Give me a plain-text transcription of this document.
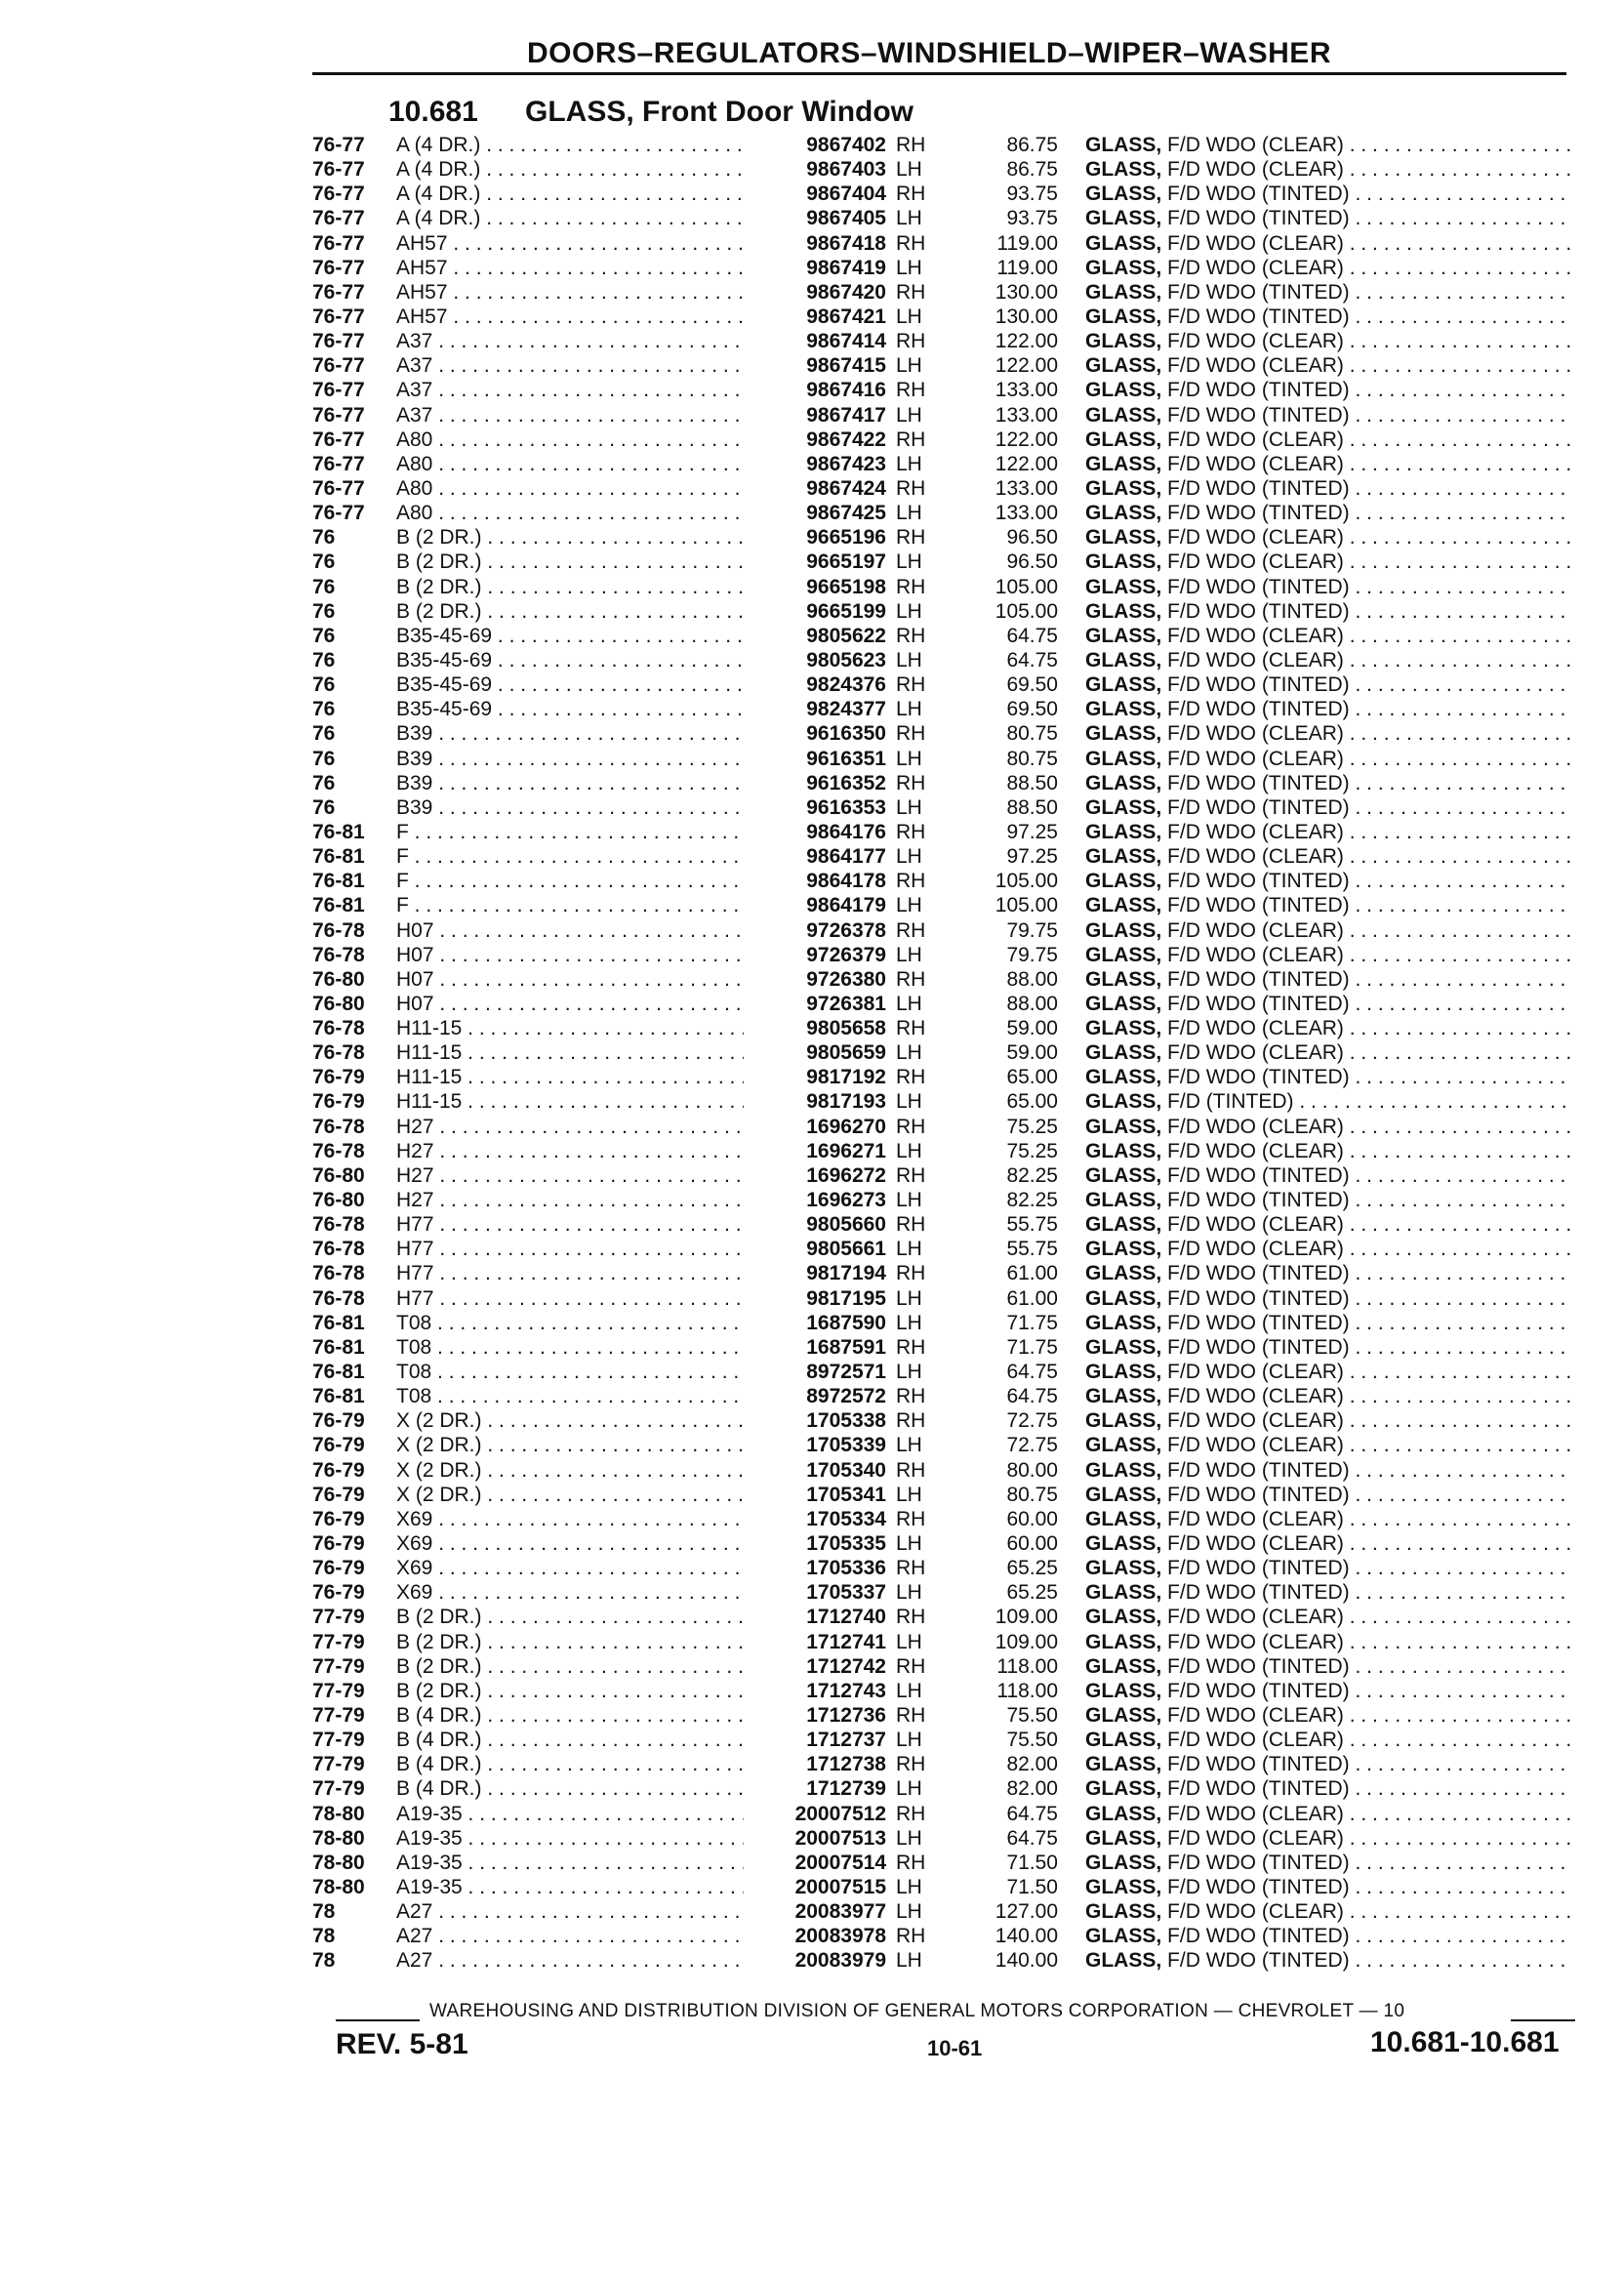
DOORS–REGULATORS–WINDSHIELD–WIPER–WASHER
10.681 GLASS, Front Door Window
76-77 A (4 DR.) . . .	9867402 RH	86.75 GLASS, F/D WDO (CLEAR) . . .
76-77 A (4 DR.) . . .	9867403 LH	86.75 GLASS, F/D WDO (CLEAR) . . .
76-77 A (4 DR.) . . .	9867404 RH	93.75 GLASS, F/D WDO (TINTED) . . .
76-77 A (4 DR.) . . .	9867405 LH	93.75 GLASS, F/D WDO (TINTED) . . .
76-77 AH57 . . .	9867418 RH	119.00 GLASS, F/D WDO (CLEAR) . . .
76-77 AH57 . . .	9867419 LH	119.00 GLASS, F/D WDO (CLEAR) . . .
76-77 AH57 . . .	9867420 RH	130.00 GLASS, F/D WDO (TINTED) . . .
76-77 AH57 . . .	9867421 LH	130.00 GLASS, F/D WDO (TINTED) . . .
76-77 A37 . . .	9867414 RH	122.00 GLASS, F/D WDO (CLEAR) . . .
76-77 A37 . . .	9867415 LH	122.00 GLASS, F/D WDO (CLEAR) . . .
76-77 A37 . . .	9867416 RH	133.00 GLASS, F/D WDO (TINTED) . . .
76-77 A37 . . .	9867417 LH	133.00 GLASS, F/D WDO (TINTED) . . .
76-77 A80 . . .	9867422 RH	122.00 GLASS, F/D WDO (CLEAR) . . .
76-77 A80 . . .	9867423 LH	122.00 GLASS, F/D WDO (CLEAR) . . .
76-77 A80 . . .	9867424 RH	133.00 GLASS, F/D WDO (TINTED) . . .
76-77 A80 . . .	9867425 LH	133.00 GLASS, F/D WDO (TINTED) . . .
76	B (2 DR.) . . .	9665196 RH	96.50 GLASS, F/D WDO (CLEAR) . . .
76	B (2 DR.) . . .	9665197 LH	96.50 GLASS, F/D WDO (CLEAR) . . .
76	B (2 DR.) . . .	9665198 RH	105.00 GLASS, F/D WDO (TINTED) . . .
76	B (2 DR.) . . .	9665199 LH	105.00 GLASS, F/D WDO (TINTED) . . .
76	B35-45-69 . . .	9805622 RH	64.75 GLASS, F/D WDO (CLEAR) . . .
76	B35-45-69 . . .	9805623 LH	64.75 GLASS, F/D WDO (CLEAR) . . .
76	B35-45-69 . . .	9824376 RH	69.50 GLASS, F/D WDO (TINTED) . . .
76	B35-45-69 . . .	9824377 LH	69.50 GLASS, F/D WDO (TINTED) . . .
76	B39 . . .	9616350 RH	80.75 GLASS, F/D WDO (CLEAR) . . .
76	B39 . . .	9616351 LH	80.75 GLASS, F/D WDO (CLEAR) . . .
76	B39 . . .	9616352 RH	88.50 GLASS, F/D WDO (TINTED) . . .
76	B39 . . .	9616353 LH	88.50 GLASS, F/D WDO (TINTED) . . .
76-81 F . . .	9864176 RH	97.25 GLASS, F/D WDO (CLEAR) . . .
76-81 F . . .	9864177 LH	97.25 GLASS, F/D WDO (CLEAR) . . .
76-81 F . . .	9864178 RH	105.00 GLASS, F/D WDO (TINTED) . . .
76-81 F . . .	9864179 LH	105.00 GLASS, F/D WDO (TINTED) . . .
76-78 H07 . . .	9726378 RH	79.75 GLASS, F/D WDO (CLEAR) . . .
76-78 H07 . . .	9726379 LH	79.75 GLASS, F/D WDO (CLEAR) . . .
76-80 H07 . . .	9726380 RH	88.00 GLASS, F/D WDO (TINTED) . . .
76-80 H07 . . .	9726381 LH	88.00 GLASS, F/D WDO (TINTED) . . .
76-78 H11-15 . . .	9805658 RH	59.00 GLASS, F/D WDO (CLEAR) . . .
76-78 H11-15 . . .	9805659 LH	59.00 GLASS, F/D WDO (CLEAR) . . .
76-79 H11-15 . . .	9817192 RH	65.00 GLASS, F/D WDO (TINTED) . . .
76-79 H11-15 . . .	9817193 LH	65.00 GLASS, F/D (TINTED) . . .
76-78 H27 . . .	1696270 RH	75.25 GLASS, F/D WDO (CLEAR) . . .
76-78 H27 . . .	1696271 LH	75.25 GLASS, F/D WDO (CLEAR) . . .
76-80 H27 . . .	1696272 RH	82.25 GLASS, F/D WDO (TINTED) . . .
76-80 H27 . . .	1696273 LH	82.25 GLASS, F/D WDO (TINTED) . . .
76-78 H77 . . .	9805660 RH	55.75 GLASS, F/D WDO (CLEAR) . . .
76-78 H77 . . .	9805661 LH	55.75 GLASS, F/D WDO (CLEAR) . . .
76-78 H77 . . .	9817194 RH	61.00 GLASS, F/D WDO (TINTED) . . .
76-78 H77 . . .	9817195 LH	61.00 GLASS, F/D WDO (TINTED) . . .
76-81 T08 . . .	1687590 LH	71.75 GLASS, F/D WDO (TINTED) . . .
76-81 T08 . . .	1687591 RH	71.75 GLASS, F/D WDO (TINTED) . . .
76-81 T08 . . .	8972571 LH	64.75 GLASS, F/D WDO (CLEAR) . . .
76-81 T08 . . .	8972572 RH	64.75 GLASS, F/D WDO (CLEAR) . . .
76-79 X (2 DR.) . . .	1705338 RH	72.75 GLASS, F/D WDO (CLEAR) . . .
76-79 X (2 DR.) . . .	1705339 LH	72.75 GLASS, F/D WDO (CLEAR) . . .
76-79 X (2 DR.) . . .	1705340 RH	80.00 GLASS, F/D WDO (TINTED) . . .
76-79 X (2 DR.) . . .	1705341 LH	80.75 GLASS, F/D WDO (TINTED) . . .
76-79 X69 . . .	1705334 RH	60.00 GLASS, F/D WDO (CLEAR) . . .
76-79 X69 . . .	1705335 LH	60.00 GLASS, F/D WDO (CLEAR) . . .
76-79 X69 . . .	1705336 RH	65.25 GLASS, F/D WDO (TINTED) . . .
76-79 X69 . . .	1705337 LH	65.25 GLASS, F/D WDO (TINTED) . . .
77-79 B (2 DR.) . . .	1712740 RH	109.00 GLASS, F/D WDO (CLEAR) . . .
77-79 B (2 DR.) . . .	1712741 LH	109.00 GLASS, F/D WDO (CLEAR) . . .
77-79 B (2 DR.) . . .	1712742 RH	118.00 GLASS, F/D WDO (TINTED) . . .
77-79 B (2 DR.) . . .	1712743 LH	118.00 GLASS, F/D WDO (TINTED) . . .
77-79 B (4 DR.) . . .	1712736 RH	75.50 GLASS, F/D WDO (CLEAR) . . .
77-79 B (4 DR.) . . .	1712737 LH	75.50 GLASS, F/D WDO (CLEAR) . . .
77-79 B (4 DR.) . . .	1712738 RH	82.00 GLASS, F/D WDO (TINTED) . . .
77-79 B (4 DR.) . . .	1712739 LH	82.00 GLASS, F/D WDO (TINTED) . . .
78-80 A19-35 . . .	20007512 RH	64.75 GLASS, F/D WDO (CLEAR) . . .
78-80 A19-35 . . .	20007513 LH	64.75 GLASS, F/D WDO (CLEAR) . . .
78-80 A19-35 . . .	20007514 RH	71.50 GLASS, F/D WDO (TINTED) . . .
78-80 A19-35 . . .	20007515 LH	71.50 GLASS, F/D WDO (TINTED) . . .
78	A27 . . .	20083977 LH	127.00 GLASS, F/D WDO (CLEAR) . . .
78	A27 . . .	20083978 RH	140.00 GLASS, F/D WDO (TINTED) . . .
78	A27 . . .	20083979 LH	140.00 GLASS, F/D WDO (TINTED) . . .
WAREHOUSING AND DISTRIBUTION DIVISION OF GENERAL MOTORS CORPORATION — CHEVROLET — 10
REV. 5-81	10-61	10.681-10.681
